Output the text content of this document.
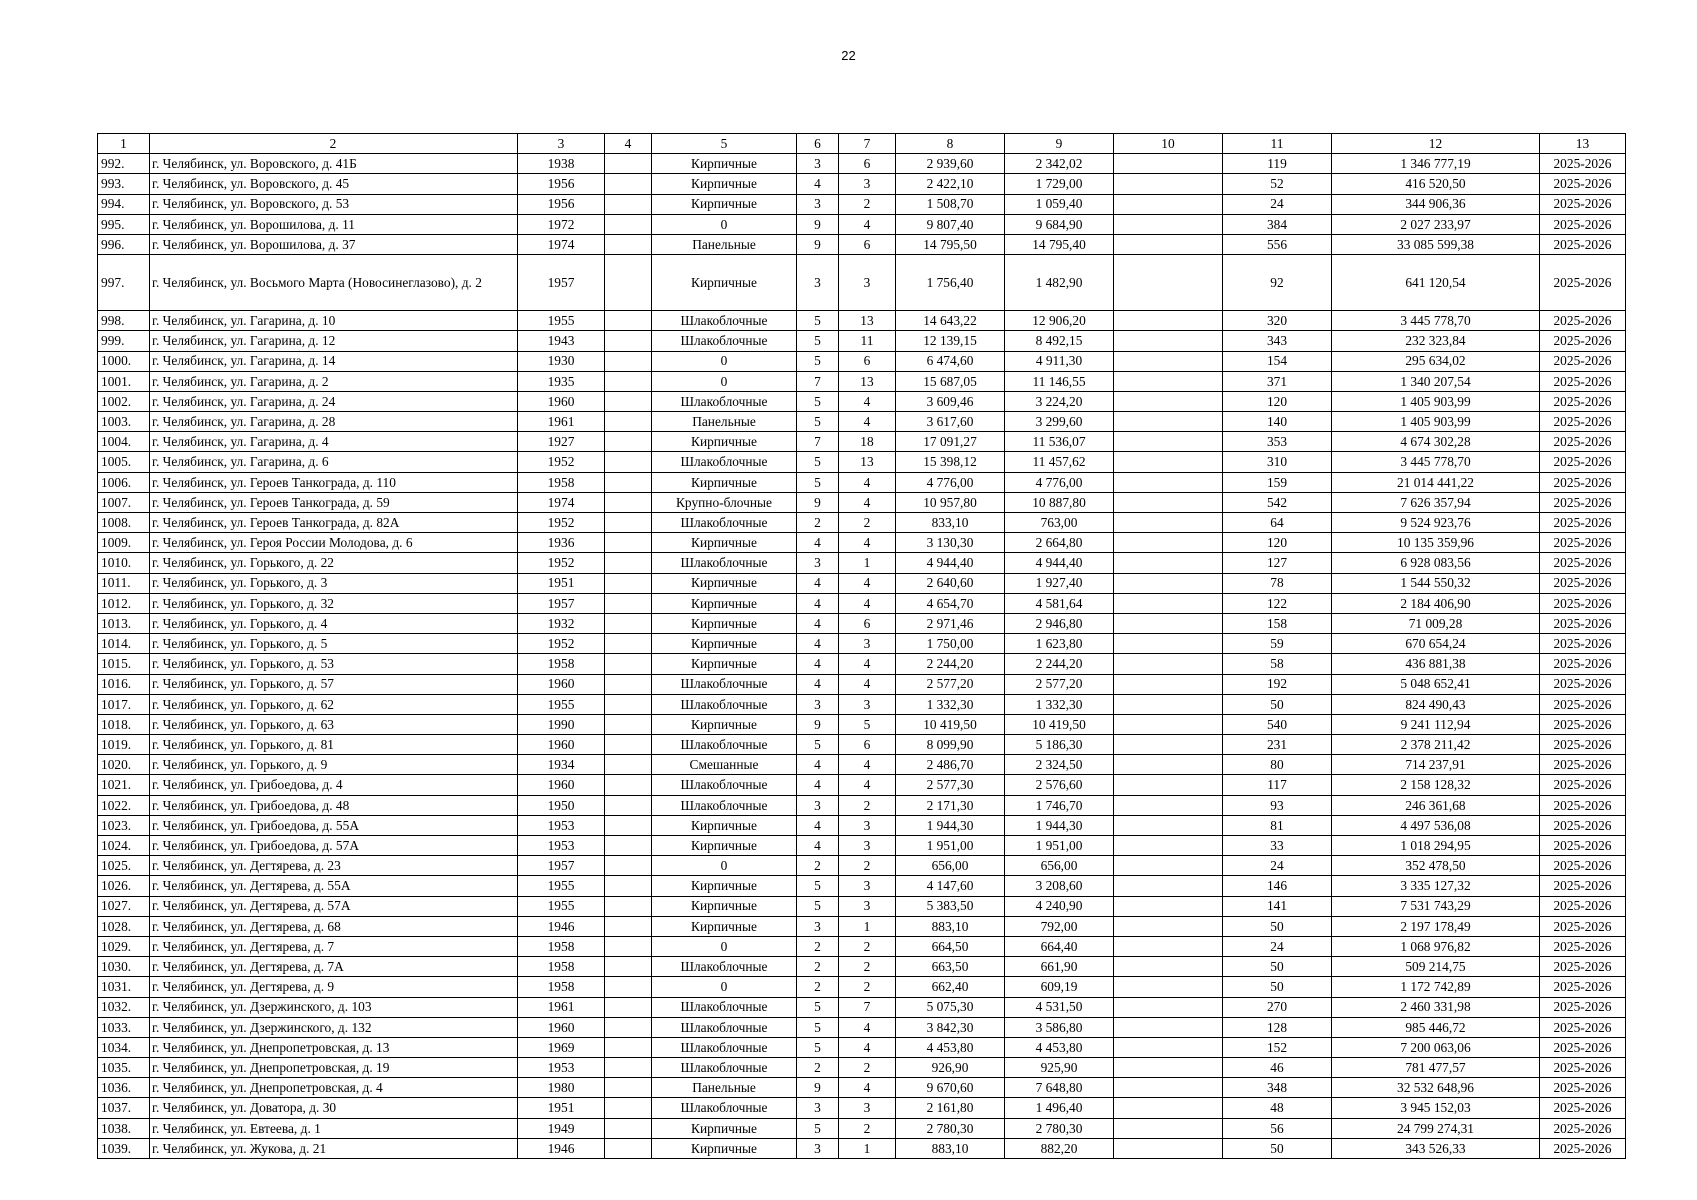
22
1	2	3	4	5	6	7	8	9	10	11	12	13
992.	г. Челябинск, ул. Воровского, д. 41Б	1938		Кирпичные	3	6	2 939,60	2 342,02		119	1 346 777,19	2025-2026
993.	г. Челябинск, ул. Воровского, д. 45	1956		Кирпичные	4	3	2 422,10	1 729,00		52	416 520,50	2025-2026
994.	г. Челябинск, ул. Воровского, д. 53	1956		Кирпичные	3	2	1 508,70	1 059,40		24	344 906,36	2025-2026
995.	г. Челябинск, ул. Ворошилова, д. 11	1972		0	9	4	9 807,40	9 684,90		384	2 027 233,97	2025-2026
996.	г. Челябинск, ул. Ворошилова, д. 37	1974		Панельные	9	6	14 795,50	14 795,40		556	33 085 599,38	2025-2026
997.	г. Челябинск, ул. Восьмого Марта (Новосинеглазово), д. 2	1957		Кирпичные	3	3	1 756,40	1 482,90		92	641 120,54	2025-2026
998.	г. Челябинск, ул. Гагарина, д. 10	1955		Шлакоблочные	5	13	14 643,22	12 906,20		320	3 445 778,70	2025-2026
999.	г. Челябинск, ул. Гагарина, д. 12	1943		Шлакоблочные	5	11	12 139,15	8 492,15		343	232 323,84	2025-2026
1000.	г. Челябинск, ул. Гагарина, д. 14	1930		0	5	6	6 474,60	4 911,30		154	295 634,02	2025-2026
1001.	г. Челябинск, ул. Гагарина, д. 2	1935		0	7	13	15 687,05	11 146,55		371	1 340 207,54	2025-2026
1002.	г. Челябинск, ул. Гагарина, д. 24	1960		Шлакоблочные	5	4	3 609,46	3 224,20		120	1 405 903,99	2025-2026
1003.	г. Челябинск, ул. Гагарина, д. 28	1961		Панельные	5	4	3 617,60	3 299,60		140	1 405 903,99	2025-2026
1004.	г. Челябинск, ул. Гагарина, д. 4	1927		Кирпичные	7	18	17 091,27	11 536,07		353	4 674 302,28	2025-2026
1005.	г. Челябинск, ул. Гагарина, д. 6	1952		Шлакоблочные	5	13	15 398,12	11 457,62		310	3 445 778,70	2025-2026
1006.	г. Челябинск, ул. Героев Танкограда, д. 110	1958		Кирпичные	5	4	4 776,00	4 776,00		159	21 014 441,22	2025-2026
1007.	г. Челябинск, ул. Героев Танкограда, д. 59	1974		Крупно-блочные	9	4	10 957,80	10 887,80		542	7 626 357,94	2025-2026
1008.	г. Челябинск, ул. Героев Танкограда, д. 82А	1952		Шлакоблочные	2	2	833,10	763,00		64	9 524 923,76	2025-2026
1009.	г. Челябинск, ул. Героя России Молодова, д. 6	1936		Кирпичные	4	4	3 130,30	2 664,80		120	10 135 359,96	2025-2026
1010.	г. Челябинск, ул. Горького, д. 22	1952		Шлакоблочные	3	1	4 944,40	4 944,40		127	6 928 083,56	2025-2026
1011.	г. Челябинск, ул. Горького, д. 3	1951		Кирпичные	4	4	2 640,60	1 927,40		78	1 544 550,32	2025-2026
1012.	г. Челябинск, ул. Горького, д. 32	1957		Кирпичные	4	4	4 654,70	4 581,64		122	2 184 406,90	2025-2026
1013.	г. Челябинск, ул. Горького, д. 4	1932		Кирпичные	4	6	2 971,46	2 946,80		158	71 009,28	2025-2026
1014.	г. Челябинск, ул. Горького, д. 5	1952		Кирпичные	4	3	1 750,00	1 623,80		59	670 654,24	2025-2026
1015.	г. Челябинск, ул. Горького, д. 53	1958		Кирпичные	4	4	2 244,20	2 244,20		58	436 881,38	2025-2026
1016.	г. Челябинск, ул. Горького, д. 57	1960		Шлакоблочные	4	4	2 577,20	2 577,20		192	5 048 652,41	2025-2026
1017.	г. Челябинск, ул. Горького, д. 62	1955		Шлакоблочные	3	3	1 332,30	1 332,30		50	824 490,43	2025-2026
1018.	г. Челябинск, ул. Горького, д. 63	1990		Кирпичные	9	5	10 419,50	10 419,50		540	9 241 112,94	2025-2026
1019.	г. Челябинск, ул. Горького, д. 81	1960		Шлакоблочные	5	6	8 099,90	5 186,30		231	2 378 211,42	2025-2026
1020.	г. Челябинск, ул. Горького, д. 9	1934		Смешанные	4	4	2 486,70	2 324,50		80	714 237,91	2025-2026
1021.	г. Челябинск, ул. Грибоедова, д. 4	1960		Шлакоблочные	4	4	2 577,30	2 576,60		117	2 158 128,32	2025-2026
1022.	г. Челябинск, ул. Грибоедова, д. 48	1950		Шлакоблочные	3	2	2 171,30	1 746,70		93	246 361,68	2025-2026
1023.	г. Челябинск, ул. Грибоедова, д. 55А	1953		Кирпичные	4	3	1 944,30	1 944,30		81	4 497 536,08	2025-2026
1024.	г. Челябинск, ул. Грибоедова, д. 57А	1953		Кирпичные	4	3	1 951,00	1 951,00		33	1 018 294,95	2025-2026
1025.	г. Челябинск, ул. Дегтярева, д. 23	1957		0	2	2	656,00	656,00		24	352 478,50	2025-2026
1026.	г. Челябинск, ул. Дегтярева, д. 55А	1955		Кирпичные	5	3	4 147,60	3 208,60		146	3 335 127,32	2025-2026
1027.	г. Челябинск, ул. Дегтярева, д. 57А	1955		Кирпичные	5	3	5 383,50	4 240,90		141	7 531 743,29	2025-2026
1028.	г. Челябинск, ул. Дегтярева, д. 68	1946		Кирпичные	3	1	883,10	792,00		50	2 197 178,49	2025-2026
1029.	г. Челябинск, ул. Дегтярева, д. 7	1958		0	2	2	664,50	664,40		24	1 068 976,82	2025-2026
1030.	г. Челябинск, ул. Дегтярева, д. 7А	1958		Шлакоблочные	2	2	663,50	661,90		50	509 214,75	2025-2026
1031.	г. Челябинск, ул. Дегтярева, д. 9	1958		0	2	2	662,40	609,19		50	1 172 742,89	2025-2026
1032.	г. Челябинск, ул. Дзержинского, д. 103	1961		Шлакоблочные	5	7	5 075,30	4 531,50		270	2 460 331,98	2025-2026
1033.	г. Челябинск, ул. Дзержинского, д. 132	1960		Шлакоблочные	5	4	3 842,30	3 586,80		128	985 446,72	2025-2026
1034.	г. Челябинск, ул. Днепропетровская, д. 13	1969		Шлакоблочные	5	4	4 453,80	4 453,80		152	7 200 063,06	2025-2026
1035.	г. Челябинск, ул. Днепропетровская, д. 19	1953		Шлакоблочные	2	2	926,90	925,90		46	781 477,57	2025-2026
1036.	г. Челябинск, ул. Днепропетровская, д. 4	1980		Панельные	9	4	9 670,60	7 648,80		348	32 532 648,96	2025-2026
1037.	г. Челябинск, ул. Доватора, д. 30	1951		Шлакоблочные	3	3	2 161,80	1 496,40		48	3 945 152,03	2025-2026
1038.	г. Челябинск, ул. Евтеева, д. 1	1949		Кирпичные	5	2	2 780,30	2 780,30		56	24 799 274,31	2025-2026
1039.	г. Челябинск, ул. Жукова, д. 21	1946		Кирпичные	3	1	883,10	882,20		50	343 526,33	2025-2026
